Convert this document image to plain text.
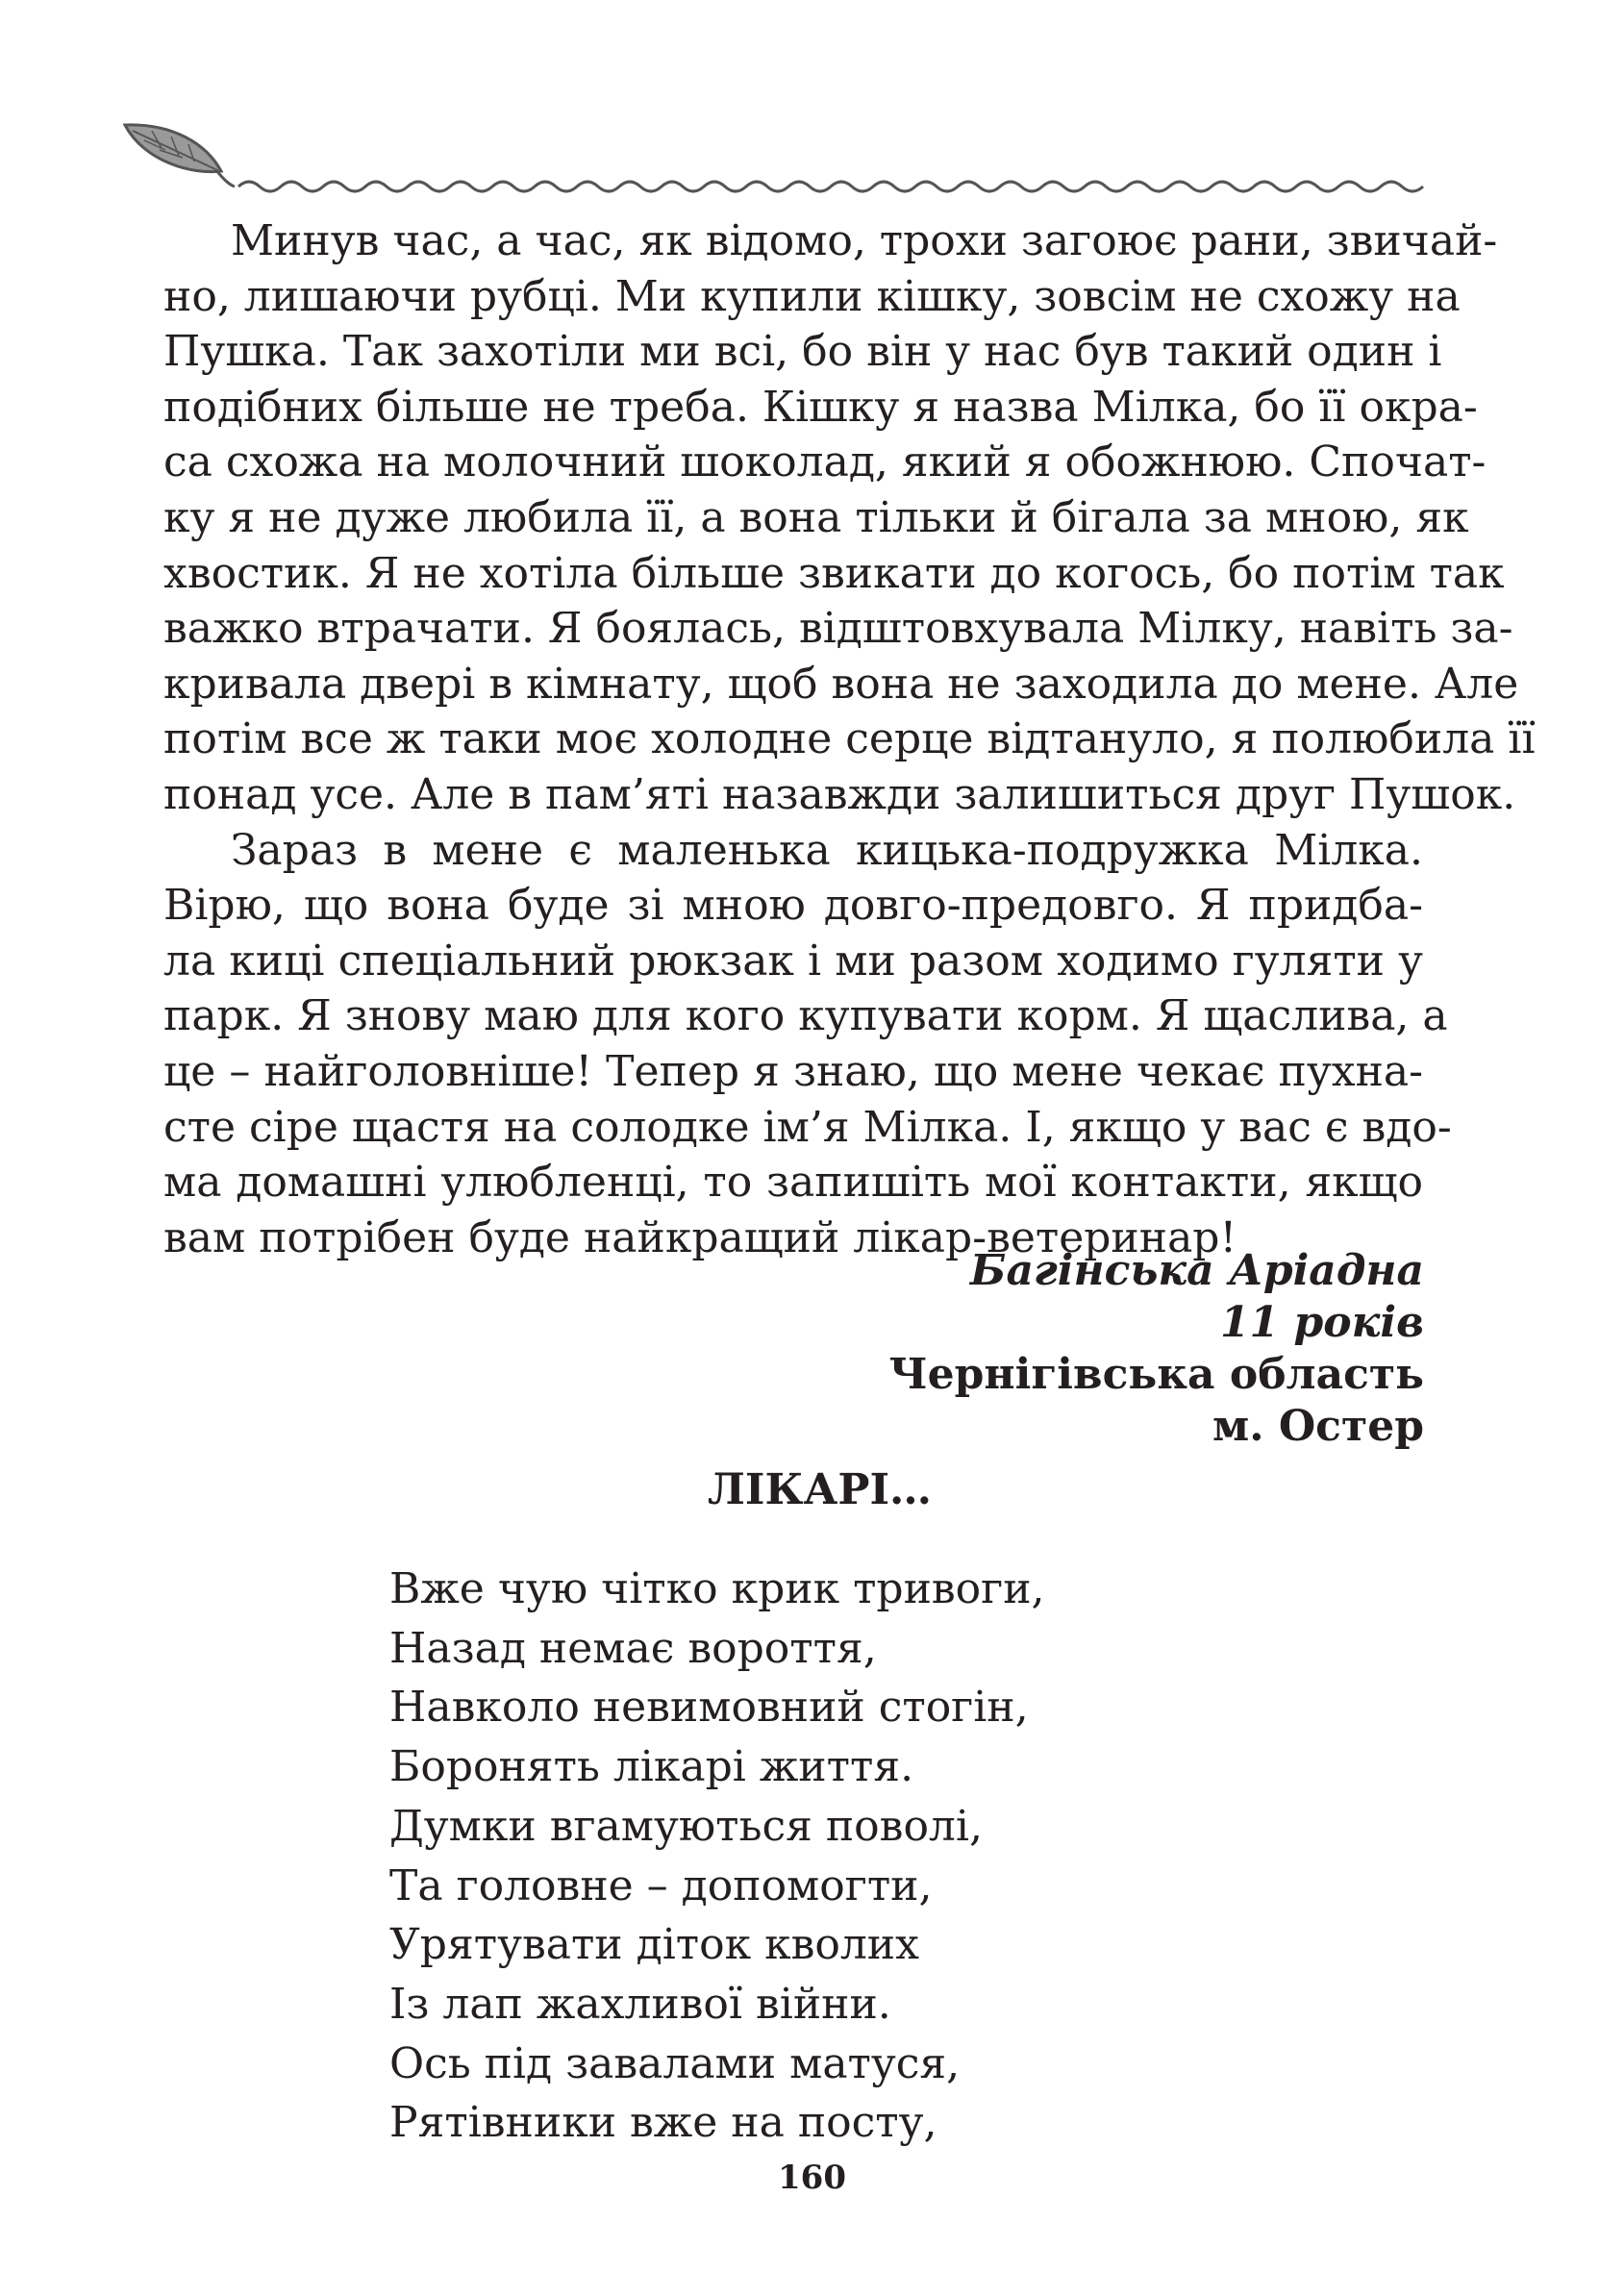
Минув час, а час, як відомо, трохи загоює рани, звичай-
но, лишаючи рубці. Ми купили кішку, зовсім не схожу на
Пушка. Так захотіли ми всі, бо він у нас був такий один і
подібних більше не треба. Кішку я назва Мілка, бо її окра-
са схожа на молочний шоколад, який я обожнюю. Спочат-
ку я не дуже любила її, а вона тільки й бігала за мною, як
хвостик. Я не хотіла більше звикати до когось, бо потім так
важко втрачати. Я боялась, відштовхувала Мілку, навіть за-
кривала двері в кімнату, щоб вона не заходила до мене. Але
потім все ж таки моє холодне серце відтануло, я полюбила її
понад усе. Але в пам’яті назавжди залишиться друг Пушок.
Зараз в мене є маленька кицька-подружка Мілка.
Вірю, що вона буде зі мною довго-предовго. Я придба-
ла киці спеціальний рюкзак і ми разом ходимо гуляти у
парк. Я знову маю для кого купувати корм. Я щаслива, а
це – найголовніше! Тепер я знаю, що мене чекає пухна-
сте сіре щастя на солодке ім’я Мілка. І, якщо у вас є вдо-
ма домашні улюбленці, то запишіть мої контакти, якщо
вам потрібен буде найкращий лікар-ветеринар!
Багінська Аріадна
11 років
Чернігівська область
м. Остер
ЛІКАРІ…
Вже чую чітко крик тривоги,
Назад немає вороття,
Навколо невимовний стогін,
Боронять лікарі життя.
Думки вгамуються поволі,
Та головне – допомогти,
Урятувати діток кволих
Із лап жахливої війни.
Ось під завалами матуся,
Рятівники вже на посту,
160
